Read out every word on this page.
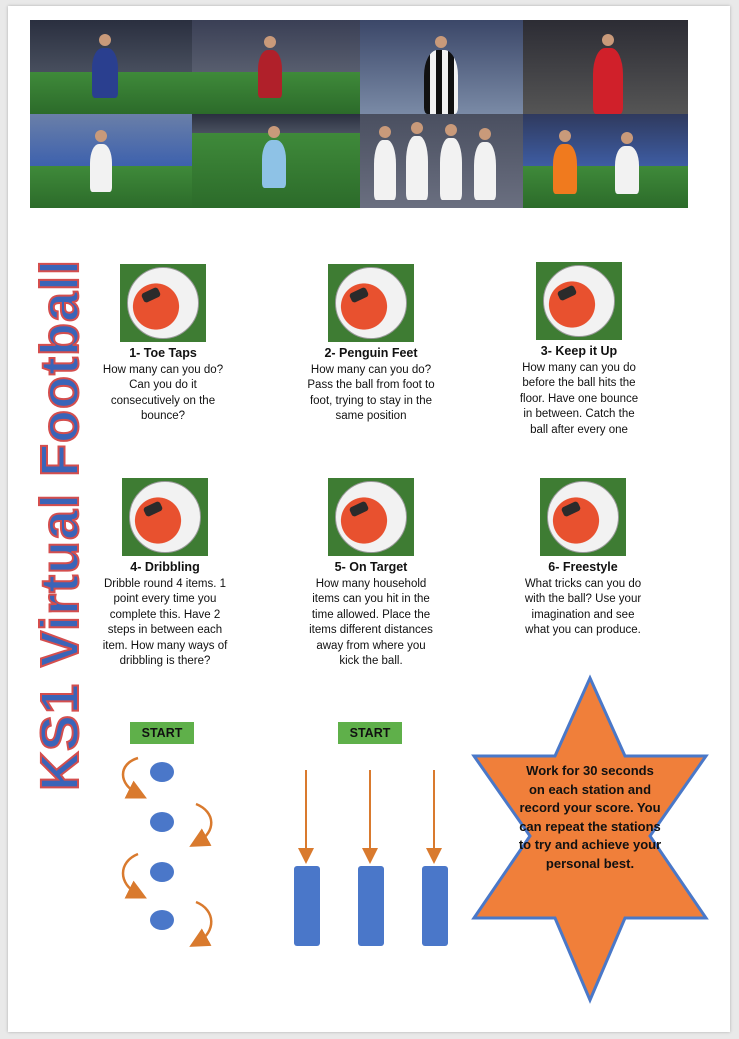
KS1 Virtual Football	1- Toe Taps
How many can you do? Can you do it consecutively on the bounce?
2- Penguin Feet
How many can you do? Pass the ball from foot to foot, trying to stay in the same position
3- Keep it Up
How many can you do before the ball hits the floor. Have one bounce in between. Catch the ball after every one
4- Dribbling
Dribble round 4 items. 1 point every time you complete this. Have 2 steps in between each item. How many ways of dribbling is there?
5- On Target
How many household items can you hit in the time allowed. Place the items different distances away from where you kick the ball.
6- Freestyle
What tricks can you do with the ball? Use your imagination and see what you can produce.
START	START
Work for 30 seconds on each station and record your score. You can repeat the stations to try and achieve your personal best.
